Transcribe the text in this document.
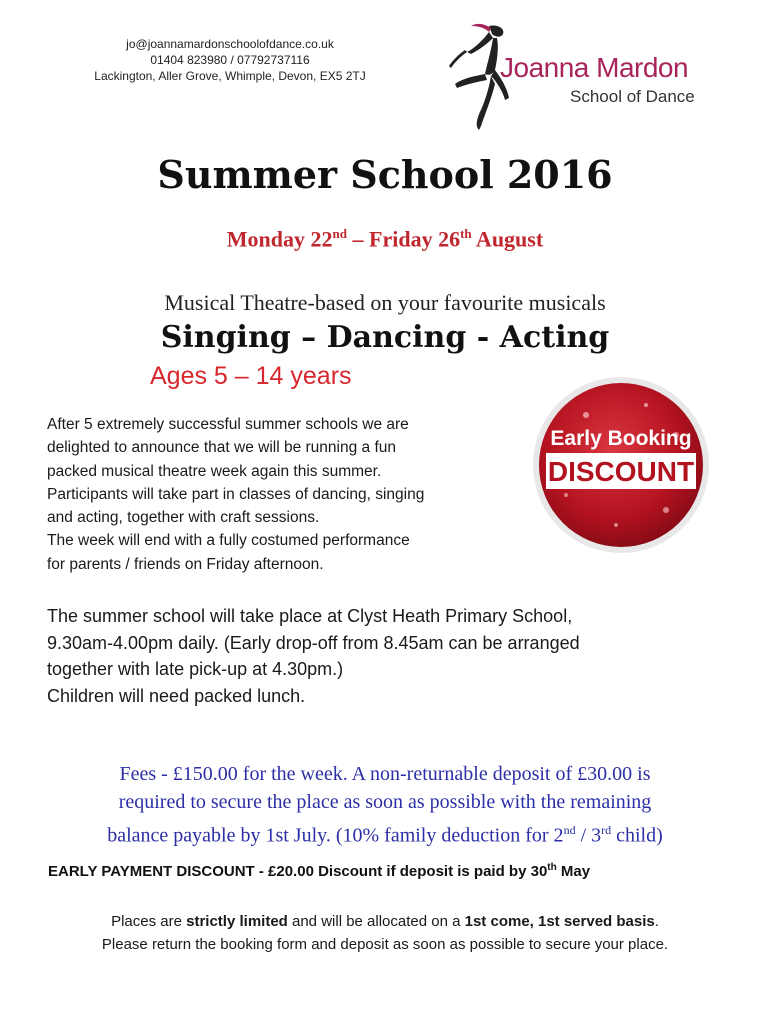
jo@joannamardonschoolofdance.co.uk
01404 823980 / 07792737116
Lackington, Aller Grove, Whimple, Devon, EX5 2TJ	Joanna Mardon
School of Dance
Summer School 2016
Monday 22nd – Friday 26th August
Musical Theatre-based on your favourite musicals
Singing – Dancing - Acting
Ages 5 – 14 years
After 5 extremely successful summer schools we are
delighted to announce that we will be running a fun
packed musical theatre week again this summer.
Participants will take part in classes of dancing, singing
and acting, together with craft sessions.
The week will end with a fully costumed performance
for parents / friends on Friday afternoon.
Early Booking
DISCOUNT
The summer school will take place at Clyst Heath Primary School,
9.30am-4.00pm daily. (Early drop-off from 8.45am can be arranged
together with late pick-up at 4.30pm.)
Children will need packed lunch.
Fees - £150.00 for the week. A non-returnable deposit of £30.00 is
required to secure the place as soon as possible with the remaining
balance payable by 1st July. (10% family deduction for 2nd / 3rd child)
EARLY PAYMENT DISCOUNT - £20.00 Discount if deposit is paid by 30th May
Places are strictly limited and will be allocated on a 1st come, 1st served basis.
Please return the booking form and deposit as soon as possible to secure your place.
